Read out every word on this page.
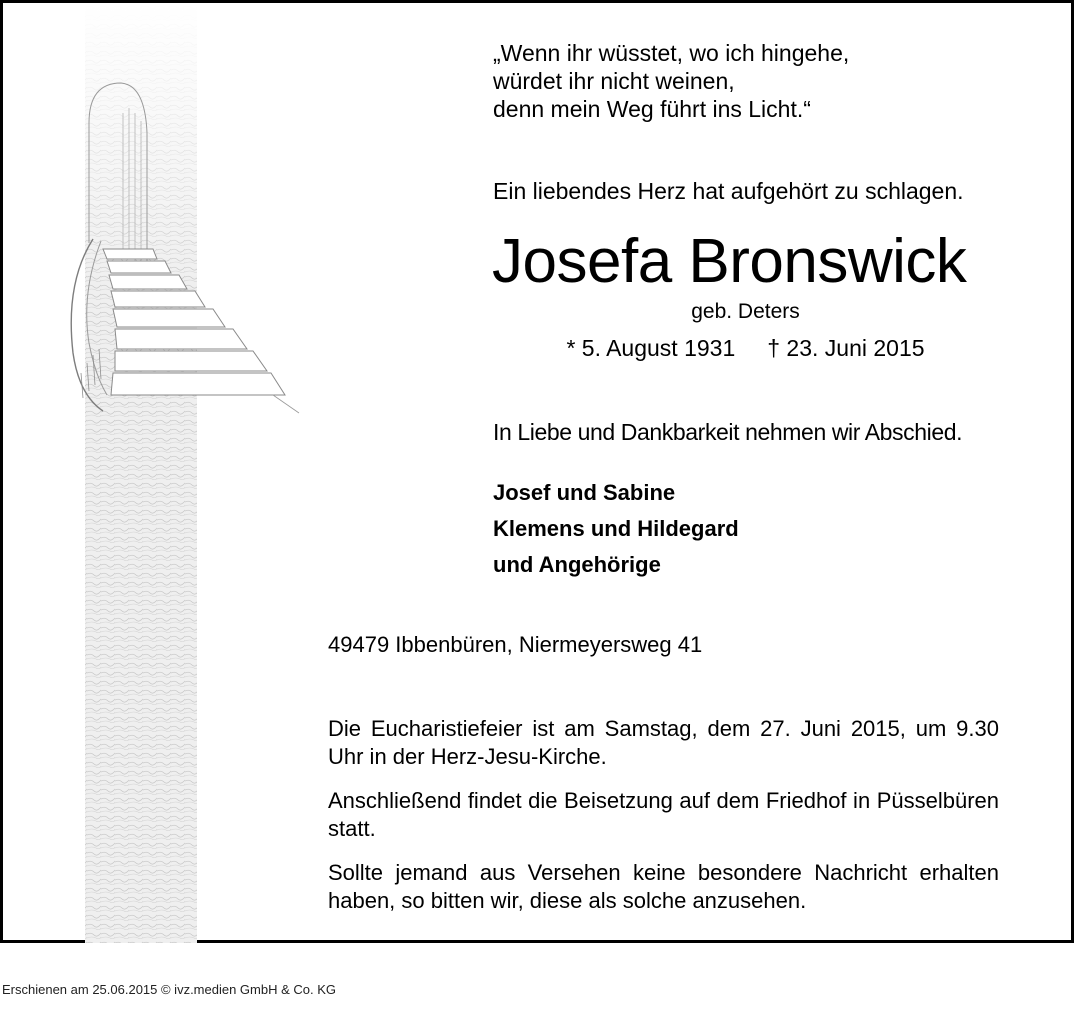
„Wenn ihr wüsstet, wo ich hingehe,
würdet ihr nicht weinen,
denn mein Weg führt ins Licht.“
Ein liebendes Herz hat aufgehört zu schlagen.
Josefa Bronswick
geb. Deters
* 5. August 1931 † 23. Juni 2015
In Liebe und Dankbarkeit nehmen wir Abschied.
Josef und Sabine
Klemens und Hildegard
und Angehörige
49479 Ibbenbüren, Niermeyersweg 41

Die Eucharistiefeier ist am Samstag, dem 27. Juni 2015, um 9.30 Uhr in der Herz-Jesu-Kirche.

Anschließend findet die Beisetzung auf dem Friedhof in Püsselbüren statt.

Sollte jemand aus Versehen keine besondere Nachricht erhalten haben, so bitten wir, diese als solche anzusehen.

Erschienen am 25.06.2015 © ivz.medien GmbH & Co. KG
